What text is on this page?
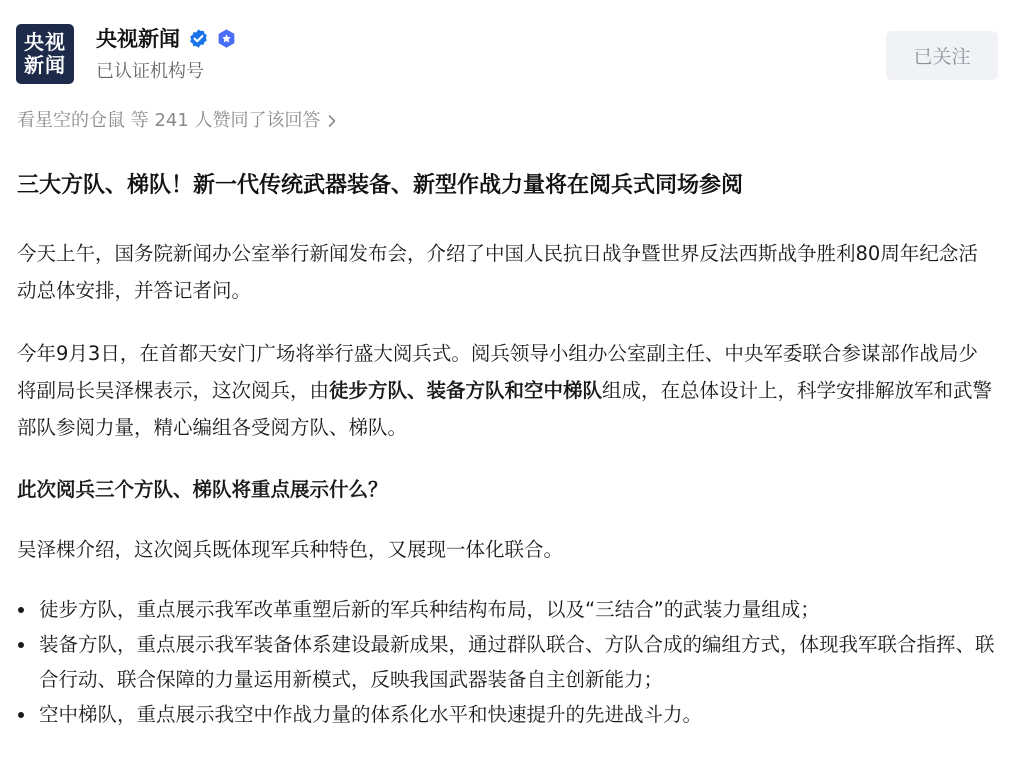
央视
新闻
央视新闻
已认证机构号
已关注
看星空的仓鼠 等 241 人赞同了该回答
三大方队、梯队！新一代传统武器装备、新型作战力量将在阅兵式同场参阅

今天上午，国务院新闻办公室举行新闻发布会，介绍了中国人民抗日战争暨世界反法西斯战争胜利80周年纪念活动总体安排，并答记者问。

今年9月3日，在首都天安门广场将举行盛大阅兵式。阅兵领导小组办公室副主任、中央军委联合参谋部作战局少将副局长吴泽棵表示，这次阅兵，由徒步方队、装备方队和空中梯队组成，在总体设计上，科学安排解放军和武警部队参阅力量，精心编组各受阅方队、梯队。

此次阅兵三个方队、梯队将重点展示什么？

吴泽棵介绍，这次阅兵既体现军兵种特色，又展现一体化联合。

徒步方队，重点展示我军改革重塑后新的军兵种结构布局，以及“三结合”的武装力量组成；
装备方队，重点展示我军装备体系建设最新成果，通过群队联合、方队合成的编组方式，体现我军联合指挥、联合行动、联合保障的力量运用新模式，反映我国武器装备自主创新能力；
空中梯队，重点展示我空中作战力量的体系化水平和快速提升的先进战斗力。
